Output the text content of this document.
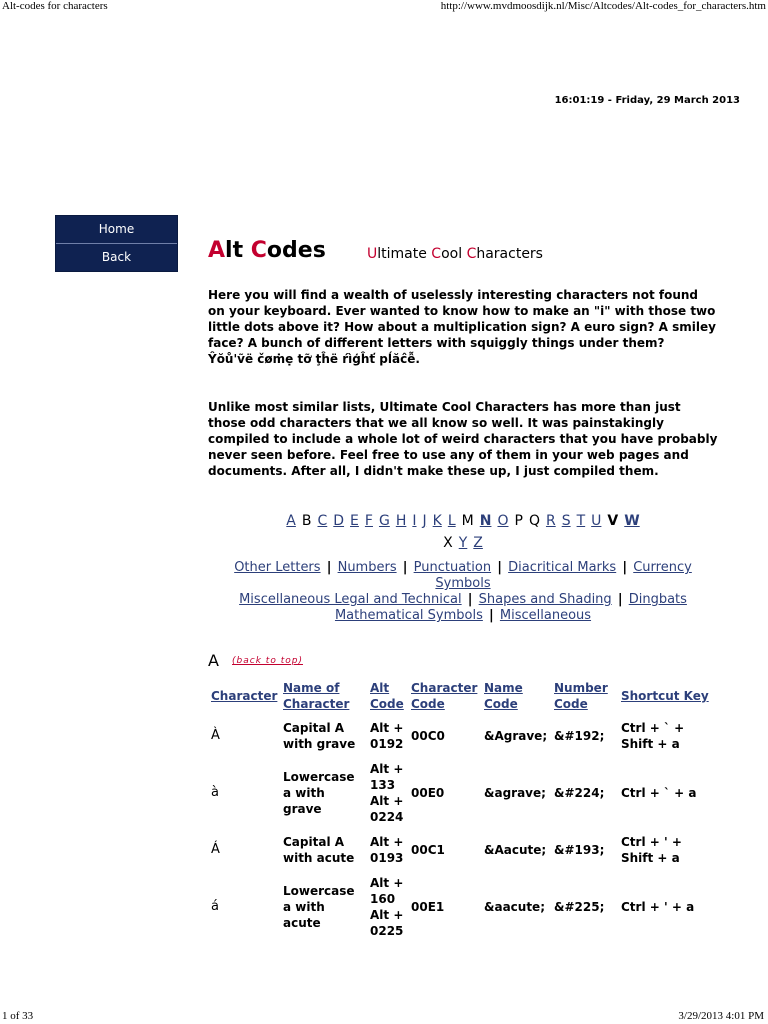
Alt-codes for characters	http://www.mvdmoosdijk.nl/Misc/Altcodes/Alt-codes_for_characters.htm
16:01:19 - Friday, 29 March 2013
Home
Back	Alt Codes	Ultimate Cool Characters
Here you will find a wealth of uselessly interesting characters not found on your keyboard. Ever wanted to know how to make an "i" with those two little dots above it? How about a multiplication sign? A euro sign? A smiley face? A bunch of different letters with squiggly things under them?
Ŷŏů'ṽë čøṁẹ tỡ ţĥë ŕìģĥť pĺăĉễ.
Unlike most similar lists, Ultimate Cool Characters has more than just those odd characters that we all know so well. It was painstakingly compiled to include a whole lot of weird characters that you have probably never seen before. Feel free to use any of them in your web pages and documents. After all, I didn't make these up, I just compiled them.
A B C D E F G H I J K L M N O P Q R S T U V W
X Y Z
Other Letters | Numbers | Punctuation | Diacritical Marks | Currency Symbols
Miscellaneous Legal and Technical | Shapes and Shading | Dingbats
Mathematical Symbols | Miscellaneous
A (back to top)
Character	Name of Character	Alt Code	Character Code	Name Code	Number Code	Shortcut Key
À	Capital A with grave	Alt + 0192	00C0	&Agrave;	&#192;	Ctrl + ` + Shift + a
à	Lowercase a with grave	Alt + 133 Alt + 0224	00E0	&agrave;	&#224;	Ctrl + ` + a
Á	Capital A with acute	Alt + 0193	00C1	&Aacute;	&#193;	Ctrl + ' + Shift + a
á	Lowercase a with acute	Alt + 160 Alt + 0225	00E1	&aacute;	&#225;	Ctrl + ' + a
1 of 33	3/29/2013 4:01 PM
